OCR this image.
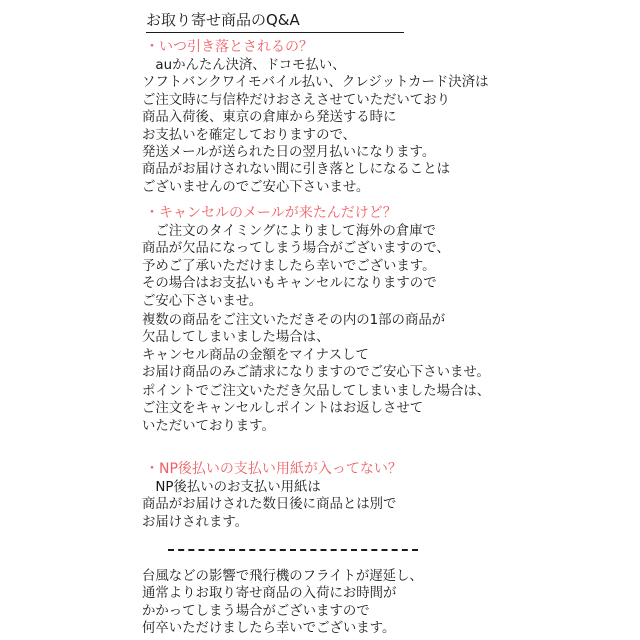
お取り寄せ商品のQ&A
・いつ引き落とされるの？
　auかんたん決済、ドコモ払い、
ソフトバンクワイモバイル払い、クレジットカード決済は
ご注文時に与信枠だけおさえさせていただいており
商品入荷後、東京の倉庫から発送する時に
お支払いを確定しておりますので、
発送メールが送られた日の翌月払いになります。
商品がお届けされない間に引き落としになることは
ございませんのでご安心下さいませ。
・キャンセルのメールが来たんだけど？
　ご注文のタイミングによりまして海外の倉庫で
商品が欠品になってしまう場合がございますので、
予めご了承いただけましたら幸いでございます。
その場合はお支払いもキャンセルになりますので
ご安心下さいませ。
複数の商品をご注文いただきその内の1部の商品が
欠品してしまいました場合は、
キャンセル商品の金額をマイナスして
お届け商品のみご請求になりますのでご安心下さいませ。
ポイントでご注文いただき欠品してしまいました場合は、
ご注文をキャンセルしポイントはお返しさせて
いただいております。
・NP後払いの支払い用紙が入ってない？
　NP後払いのお支払い用紙は
商品がお届けされた数日後に商品とは別で
お届けされます。
台風などの影響で飛行機のフライトが遅延し、
通常よりお取り寄せ商品の入荷にお時間が
かかってしまう場合がございますので
何卒いただけましたら幸いでございます。
